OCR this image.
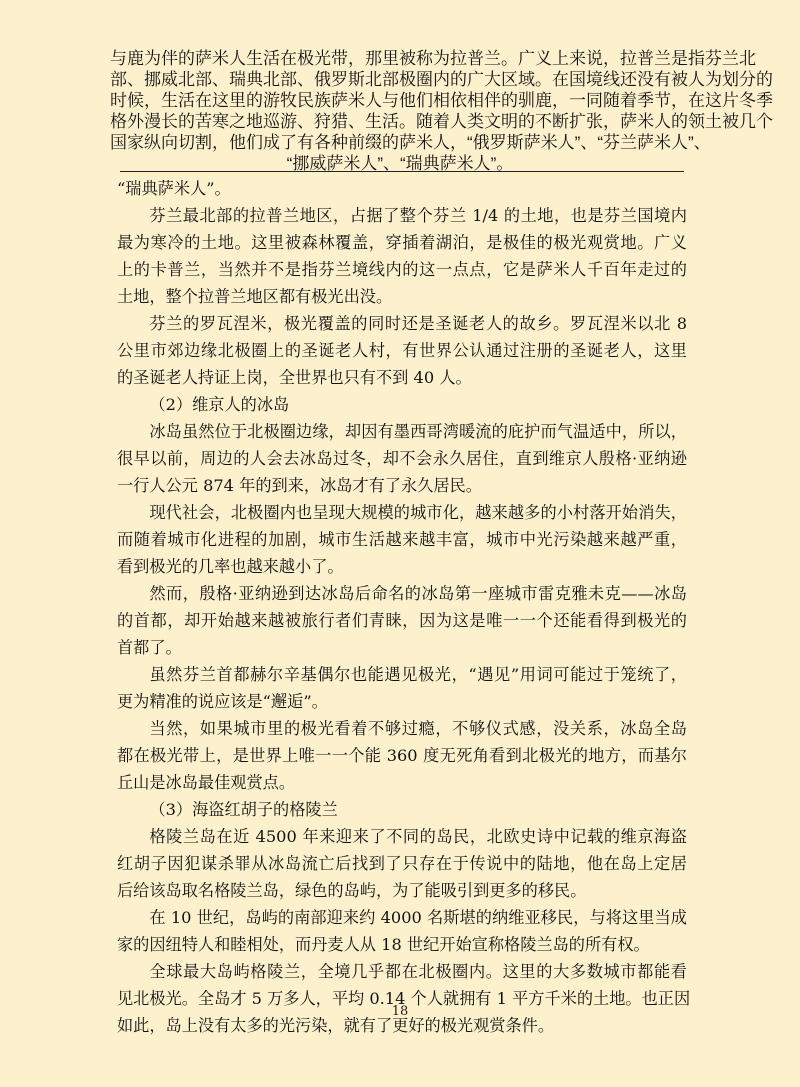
与鹿为伴的萨米人生活在极光带，那里被称为拉普兰。广义上来说，拉普兰是指芬兰北
部、挪威北部、瑞典北部、俄罗斯北部极圈内的广大区域。在国境线还没有被人为划分的
时候，生活在这里的游牧民族萨米人与他们相依相伴的驯鹿，一同随着季节，在这片冬季
格外漫长的苦寒之地巡游、狩猎、生活。随着人类文明的不断扩张，萨米人的领土被几个
国家纵向切割，他们成了有各种前缀的萨米人，“俄罗斯萨米人”、“芬兰萨米人”、
“挪威萨米人”、“瑞典萨米人”。
“瑞典萨米人”。
芬兰最北部的拉普兰地区，占据了整个芬兰 1/4 的土地，也是芬兰国境内
最为寒冷的土地。这里被森林覆盖，穿插着湖泊，是极佳的极光观赏地。广义
上的卡普兰，当然并不是指芬兰境线内的这一点点，它是萨米人千百年走过的
土地，整个拉普兰地区都有极光出没。
芬兰的罗瓦涅米，极光覆盖的同时还是圣诞老人的故乡。罗瓦涅米以北 8
公里市郊边缘北极圈上的圣诞老人村，有世界公认通过注册的圣诞老人，这里
的圣诞老人持证上岗，全世界也只有不到 40 人。
（2）维京人的冰岛
冰岛虽然位于北极圈边缘，却因有墨西哥湾暖流的庇护而气温适中，所以，
很早以前，周边的人会去冰岛过冬，却不会永久居住，直到维京人殷格·亚纳逊
一行人公元 874 年的到来，冰岛才有了永久居民。
现代社会，北极圈内也呈现大规模的城市化，越来越多的小村落开始消失，
而随着城市化进程的加剧，城市生活越来越丰富，城市中光污染越来越严重，
看到极光的几率也越来越小了。
然而，殷格·亚纳逊到达冰岛后命名的冰岛第一座城市雷克雅未克——冰岛
的首都，却开始越来越被旅行者们青睐，因为这是唯一一个还能看得到极光的
首都了。
虽然芬兰首都赫尔辛基偶尔也能遇见极光，“遇见”用词可能过于笼统了，
更为精准的说应该是“邂逅”。
当然，如果城市里的极光看着不够过瘾，不够仪式感，没关系，冰岛全岛
都在极光带上，是世界上唯一一个能 360 度无死角看到北极光的地方，而基尔
丘山是冰岛最佳观赏点。
（3）海盗红胡子的格陵兰
格陵兰岛在近 4500 年来迎来了不同的岛民，北欧史诗中记载的维京海盗
红胡子因犯谋杀罪从冰岛流亡后找到了只存在于传说中的陆地，他在岛上定居
后给该岛取名格陵兰岛，绿色的岛屿，为了能吸引到更多的移民。
在 10 世纪，岛屿的南部迎来约 4000 名斯堪的纳维亚移民，与将这里当成
家的因纽特人和睦相处，而丹麦人从 18 世纪开始宣称格陵兰岛的所有权。
全球最大岛屿格陵兰，全境几乎都在北极圈内。这里的大多数城市都能看
见北极光。全岛才 5 万多人，平均 0.14 个人就拥有 1 平方千米的土地。也正因
如此，岛上没有太多的光污染，就有了更好的极光观赏条件。
18
